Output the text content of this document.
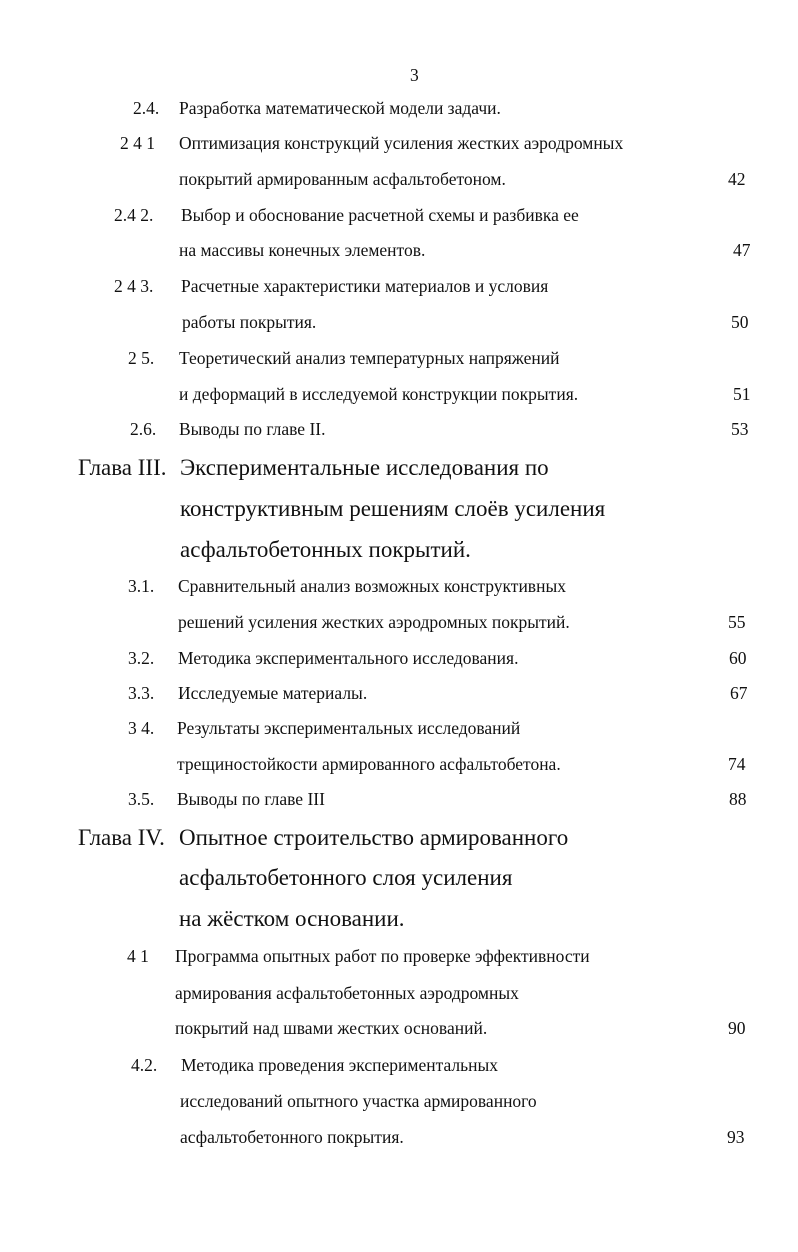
3
2.4. Разработка математической модели задачи.
2 4 1 Оптимизация конструкций усиления жестких аэродромных
покрытий армированным асфальтобетоном.	42
2.4 2. Выбор и обоснование расчетной схемы и разбивка ее
на массивы конечных элементов.	47
2 4 3. Расчетные характеристики материалов и условия
работы покрытия.	50
2 5. Теоретический анализ температурных напряжений
и деформаций в исследуемой конструкции покрытия.	51
2.6. Выводы по главе II.	53
Глава III. Экспериментальные исследования по
конструктивным решениям слоёв усиления
асфальтобетонных покрытий.
3.1. Сравнительный анализ возможных конструктивных
решений усиления жестких аэродромных покрытий.	55
3.2. Методика экспериментального исследования.	60
3.3. Исследуемые материалы.	67
3 4. Результаты экспериментальных исследований
трещиностойкости армированного асфальтобетона.	74
3.5. Выводы по главе III	88
Глава IV. Опытное строительство армированного
асфальтобетонного слоя усиления
на жёстком основании.
4 1 Программа опытных работ по проверке эффективности
армирования асфальтобетонных аэродромных
покрытий над швами жестких оснований.	90
4.2. Методика проведения экспериментальных
исследований опытного участка армированного
асфальтобетонного покрытия.	93
